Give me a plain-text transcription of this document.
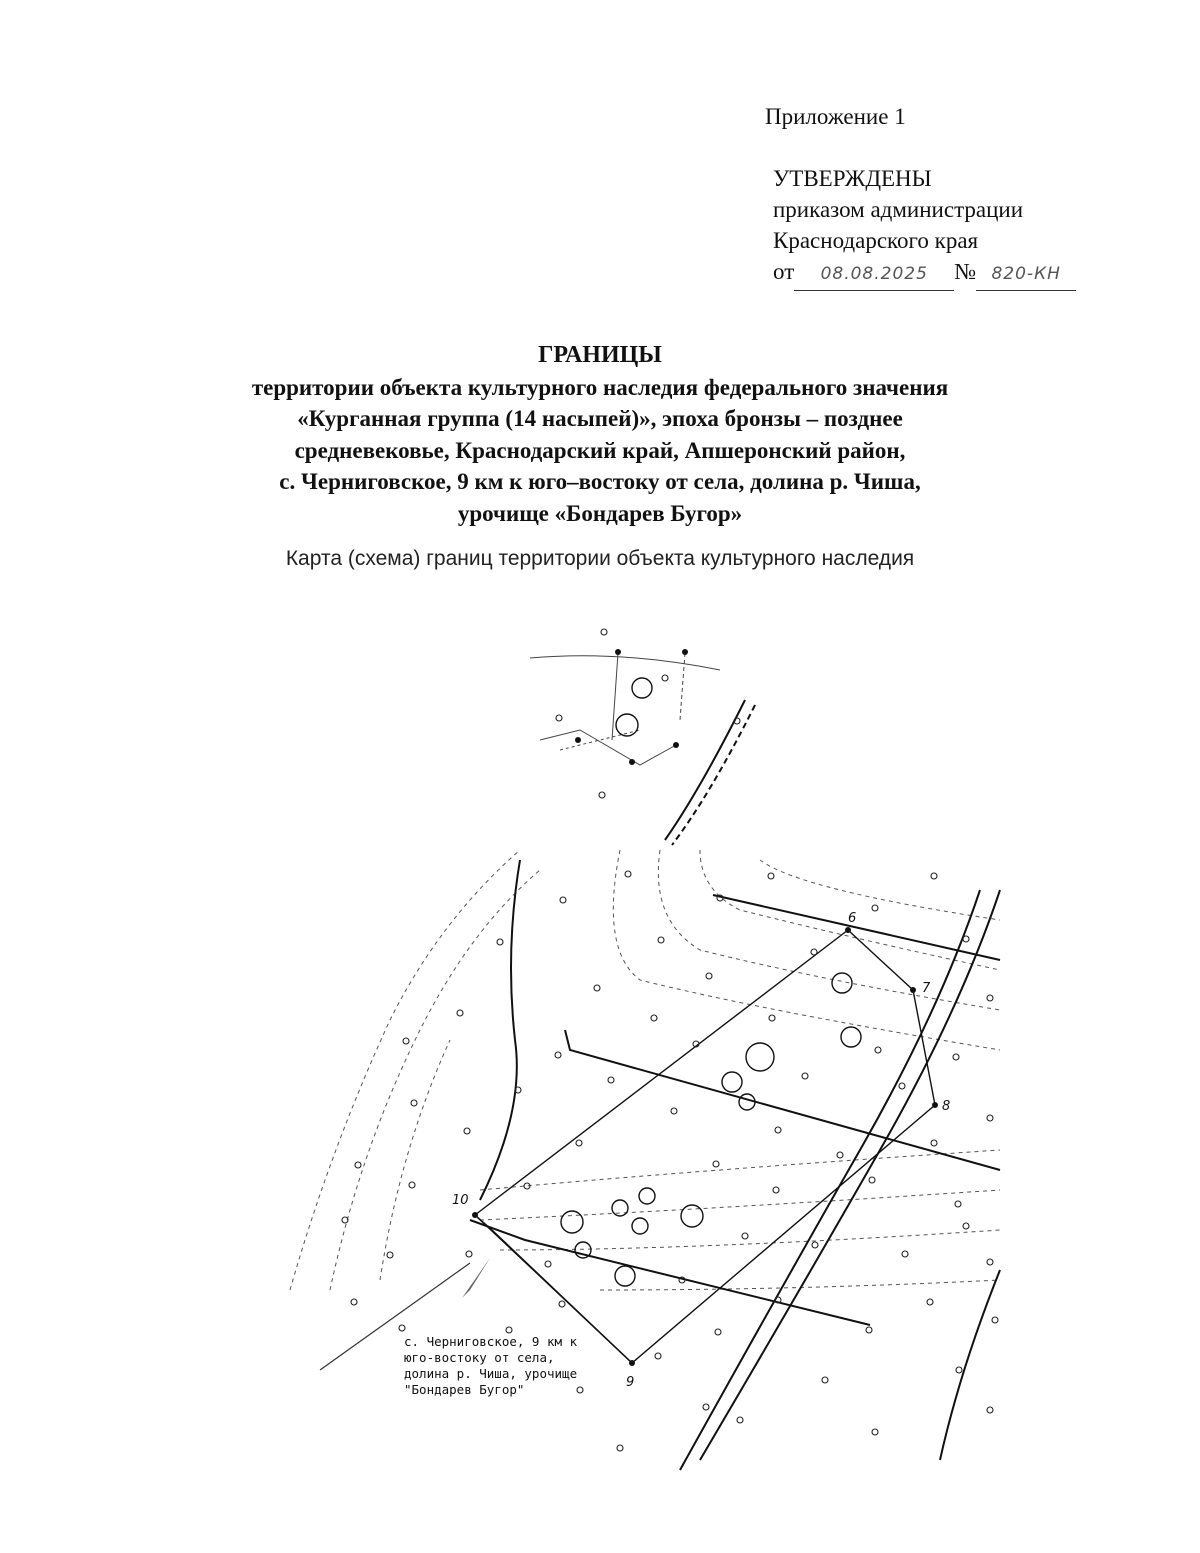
Приложение 1
УТВЕРЖДЕНЫ
приказом администрации
Краснодарского края
от 08.08.2025 № 820-КН
ГРАНИЦЫ
территории объекта культурного наследия федерального значения
«Курганная группа (14 насыпей)», эпоха бронзы – позднее
средневековье, Краснодарский край, Апшеронский район,
с. Черниговское, 9 км к юго–востоку от села, долина р. Чиша,
урочище «Бондарев Бугор»
Карта (схема) границ территории объекта культурного наследия
6
7
8
9
10
с. Черниговское, 9 км к
юго-востоку от села,
долина р. Чиша, урочище
"Бондарев Бугор"
